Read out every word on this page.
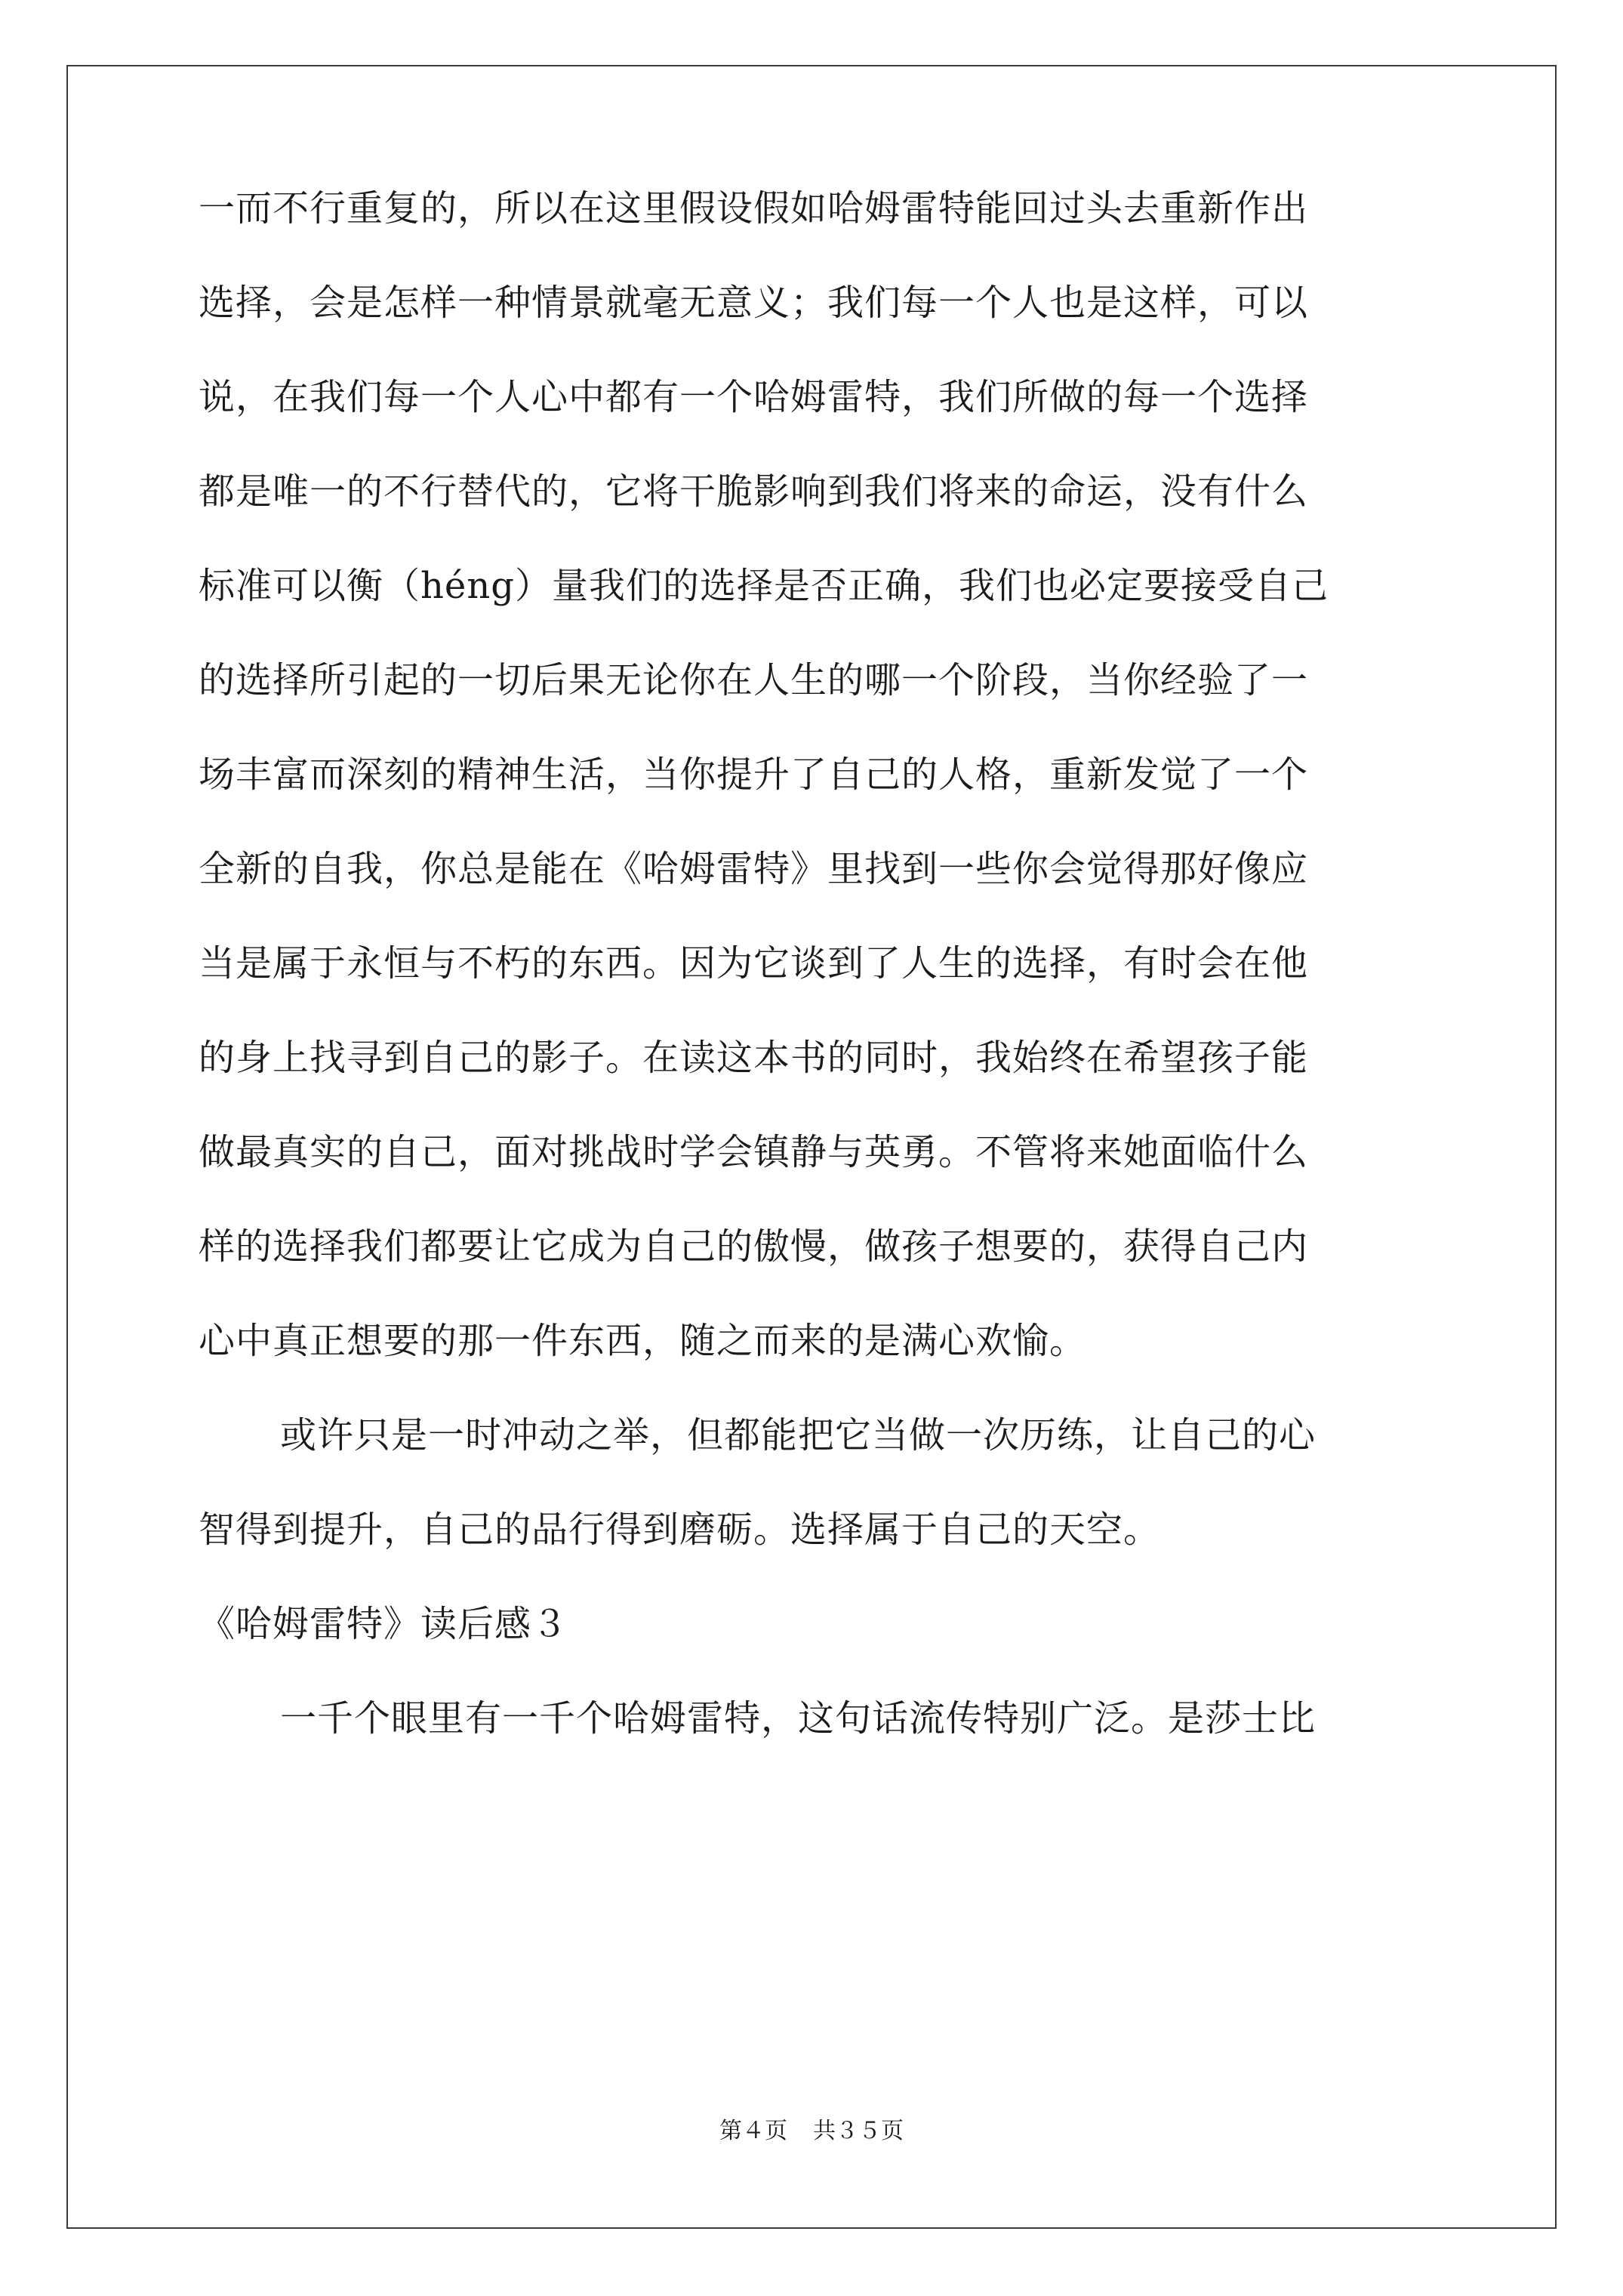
一而不行重复的，所以在这里假设假如哈姆雷特能回过头去重新作出
选择，会是怎样一种情景就毫无意义；我们每一个人也是这样，可以
说，在我们每一个人心中都有一个哈姆雷特，我们所做的每一个选择
都是唯一的不行替代的，它将干脆影响到我们将来的命运，没有什么
标准可以衡（héng）量我们的选择是否正确，我们也必定要接受自己
的选择所引起的一切后果无论你在人生的哪一个阶段，当你经验了一
场丰富而深刻的精神生活，当你提升了自己的人格，重新发觉了一个
全新的自我，你总是能在《哈姆雷特》里找到一些你会觉得那好像应
当是属于永恒与不朽的东西。因为它谈到了人生的选择，有时会在他
的身上找寻到自己的影子。在读这本书的同时，我始终在希望孩子能
做最真实的自己，面对挑战时学会镇静与英勇。不管将来她面临什么
样的选择我们都要让它成为自己的傲慢，做孩子想要的，获得自己内
心中真正想要的那一件东西，随之而来的是满心欢愉。
或许只是一时冲动之举，但都能把它当做一次历练，让自己的心
智得到提升，自己的品行得到磨砺。选择属于自己的天空。
《哈姆雷特》读后感３
一千个眼里有一千个哈姆雷特，这句话流传特别广泛。是莎士比
第４页 共３５页
